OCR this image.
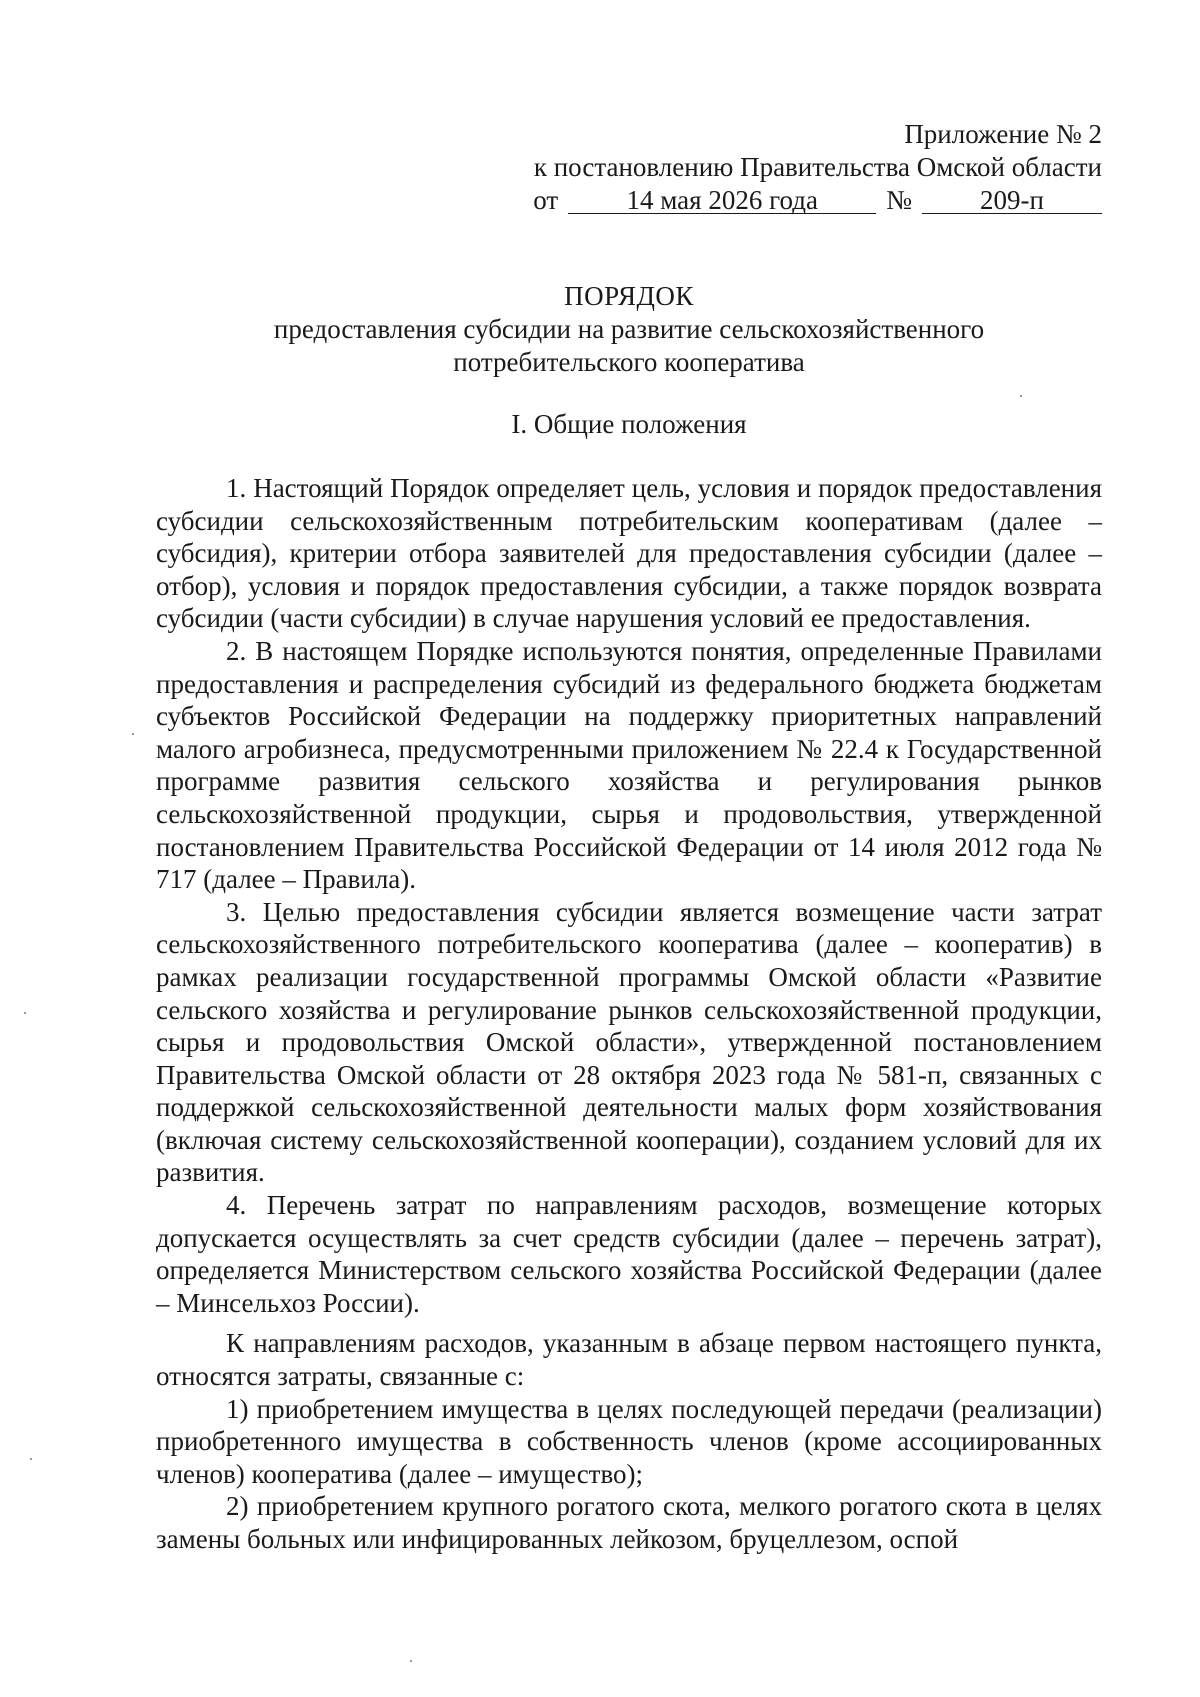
Приложение № 2
к постановлению Правительства Омской области
от	14 мая 2026 года	№	209-п
ПОРЯДОК
предоставления субсидии на развитие сельскохозяйственного
потребительского кооператива
I. Общие положения

1. Настоящий Порядок определяет цель, условия и порядок предоставления субсидии сельскохозяйственным потребительским кооперативам (далее – субсидия), критерии отбора заявителей для предоставления субсидии (далее – отбор), условия и порядок предоставления субсидии, а также порядок возврата субсидии (части субсидии) в случае нарушения условий ее предоставления.

2. В настоящем Порядке используются понятия, определенные Правилами предоставления и распределения субсидий из федерального бюджета бюджетам субъектов Российской Федерации на поддержку приоритетных направлений малого агробизнеса, предусмотренными приложением № 22.4 к Государственной программе развития сельского хозяйства и регулирования рынков сельскохозяйственной продукции, сырья и продовольствия, утвержденной постановлением Правительства Российской Федерации от 14 июля 2012 года № 717 (далее – Правила).

3. Целью предоставления субсидии является возмещение части затрат сельскохозяйственного потребительского кооператива (далее – кооператив) в рамках реализации государственной программы Омской области «Развитие сельского хозяйства и регулирование рынков сельскохозяйственной продукции, сырья и продовольствия Омской области», утвержденной постановлением Правительства Омской области от 28 октября 2023 года № 581-п, связанных с поддержкой сельскохозяйственной деятельности малых форм хозяйствования (включая систему сельскохозяйственной кооперации), созданием условий для их развития.

4. Перечень затрат по направлениям расходов, возмещение которых допускается осуществлять за счет средств субсидии (далее – перечень затрат), определяется Министерством сельского хозяйства Российской Федерации (далее – Минсельхоз России).

К направлениям расходов, указанным в абзаце первом настоящего пункта, относятся затраты, связанные с:

1) приобретением имущества в целях последующей передачи (реализации) приобретенного имущества в собственность членов (кроме ассоциированных членов) кооператива (далее – имущество);

2) приобретением крупного рогатого скота, мелкого рогатого скота в целях замены больных или инфицированных лейкозом, бруцеллезом, оспой
